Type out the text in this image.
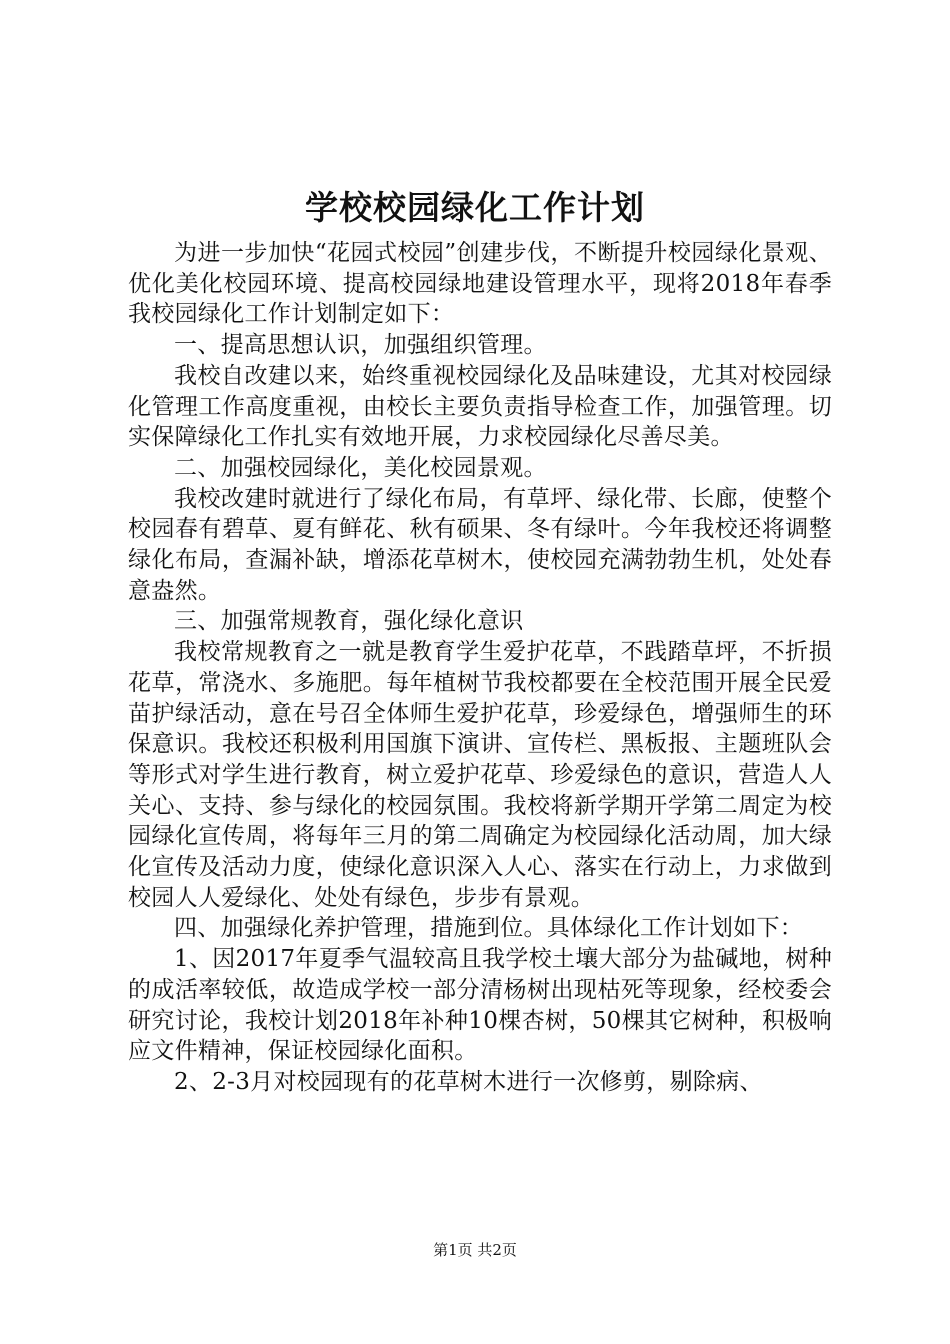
学校校园绿化工作计划

为进一步加快“花园式校园”创建步伐，不断提升校园绿化景观、优化美化校园环境、提高校园绿地建设管理水平，现将2018年春季我校园绿化工作计划制定如下：

一、提高思想认识，加强组织管理。

我校自改建以来，始终重视校园绿化及品味建设，尤其对校园绿化管理工作高度重视，由校长主要负责指导检查工作，加强管理。切实保障绿化工作扎实有效地开展，力求校园绿化尽善尽美。

二、加强校园绿化，美化校园景观。

我校改建时就进行了绿化布局，有草坪、绿化带、长廊，使整个校园春有碧草、夏有鲜花、秋有硕果、冬有绿叶。今年我校还将调整绿化布局，查漏补缺，增添花草树木，使校园充满勃勃生机，处处春意盎然。

三、加强常规教育，强化绿化意识

我校常规教育之一就是教育学生爱护花草，不践踏草坪，不折损花草，常浇水、多施肥。每年植树节我校都要在全校范围开展全民爱苗护绿活动，意在号召全体师生爱护花草，珍爱绿色，增强师生的环保意识。我校还积极利用国旗下演讲、宣传栏、黑板报、主题班队会等形式对学生进行教育，树立爱护花草、珍爱绿色的意识，营造人人关心、支持、参与绿化的校园氛围。我校将新学期开学第二周定为校园绿化宣传周，将每年三月的第二周确定为校园绿化活动周，加大绿化宣传及活动力度，使绿化意识深入人心、落实在行动上，力求做到校园人人爱绿化、处处有绿色，步步有景观。

四、加强绿化养护管理，措施到位。具体绿化工作计划如下：

1、因2017年夏季气温较高且我学校土壤大部分为盐碱地，树种的成活率较低，故造成学校一部分清杨树出现枯死等现象，经校委会研究讨论，我校计划2018年补种10棵杏树，50棵其它树种，积极响应文件精神，保证校园绿化面积。

2、2-3月对校园现有的花草树木进行一次修剪，剔除病、

第1页 共2页
